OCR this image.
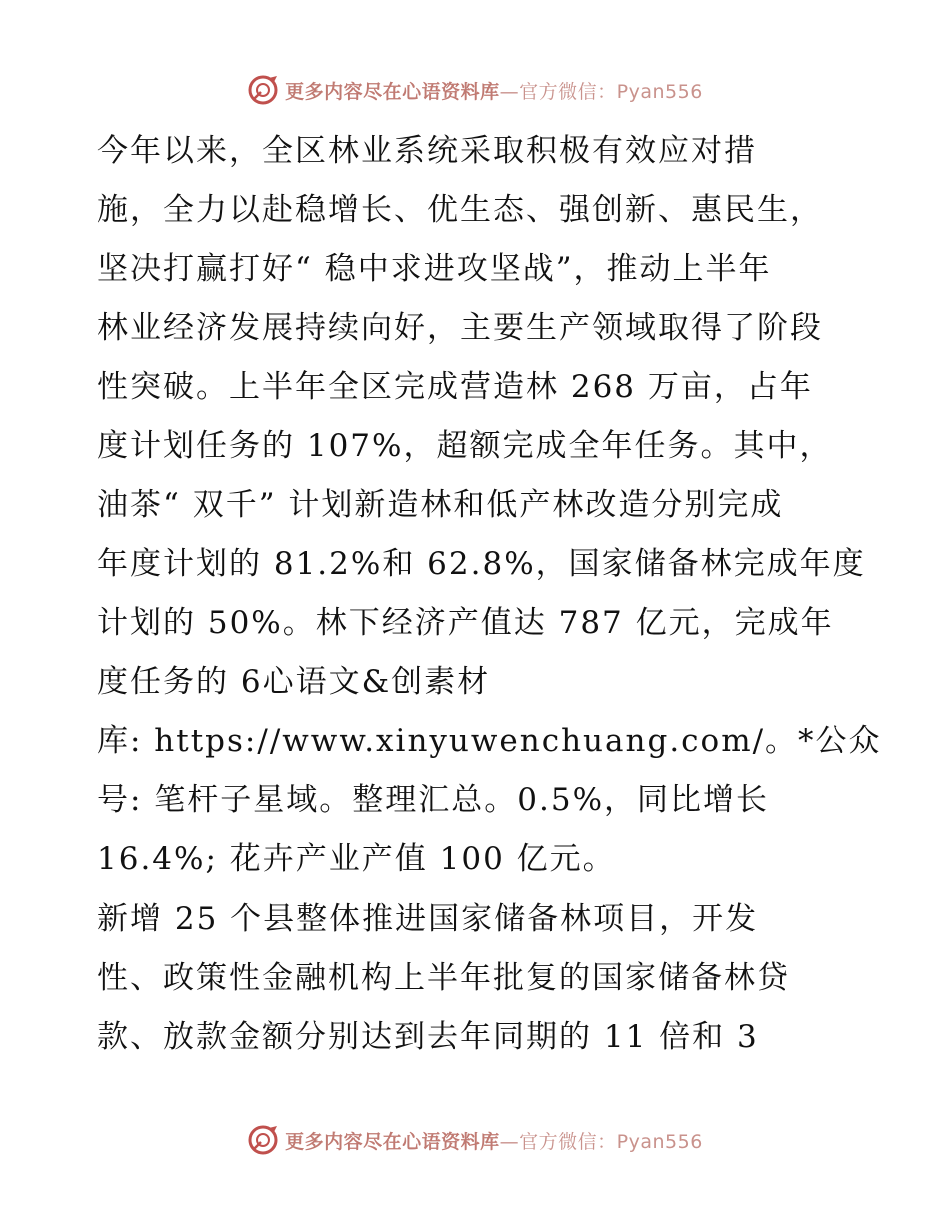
更多内容尽在心语资料库—官方微信：Pyan556
今年以来，全区林业系统采取积极有效应对措
施，全力以赴稳增长、优生态、强创新、惠民生，
坚决打赢打好“ 稳中求进攻坚战”，推动上半年
林业经济发展持续向好，主要生产领域取得了阶段
性突破。上半年全区完成营造林 268 万亩，占年
度计划任务的 107%，超额完成全年任务。其中，
油茶“ 双千” 计划新造林和低产林改造分别完成
年度计划的 81.2%和 62.8%，国家储备林完成年度
计划的 50%。林下经济产值达 787 亿元，完成年
度任务的 6心语文&创素材
库: https://www.xinyuwenchuang.com/。*公众
号: 笔杆子星域。整理汇总。0.5%，同比增长
16.4%; 花卉产业产值 100 亿元。
新增 25 个县整体推进国家储备林项目，开发
性、政策性金融机构上半年批复的国家储备林贷
款、放款金额分别达到去年同期的 11 倍和 3
更多内容尽在心语资料库—官方微信：Pyan556
